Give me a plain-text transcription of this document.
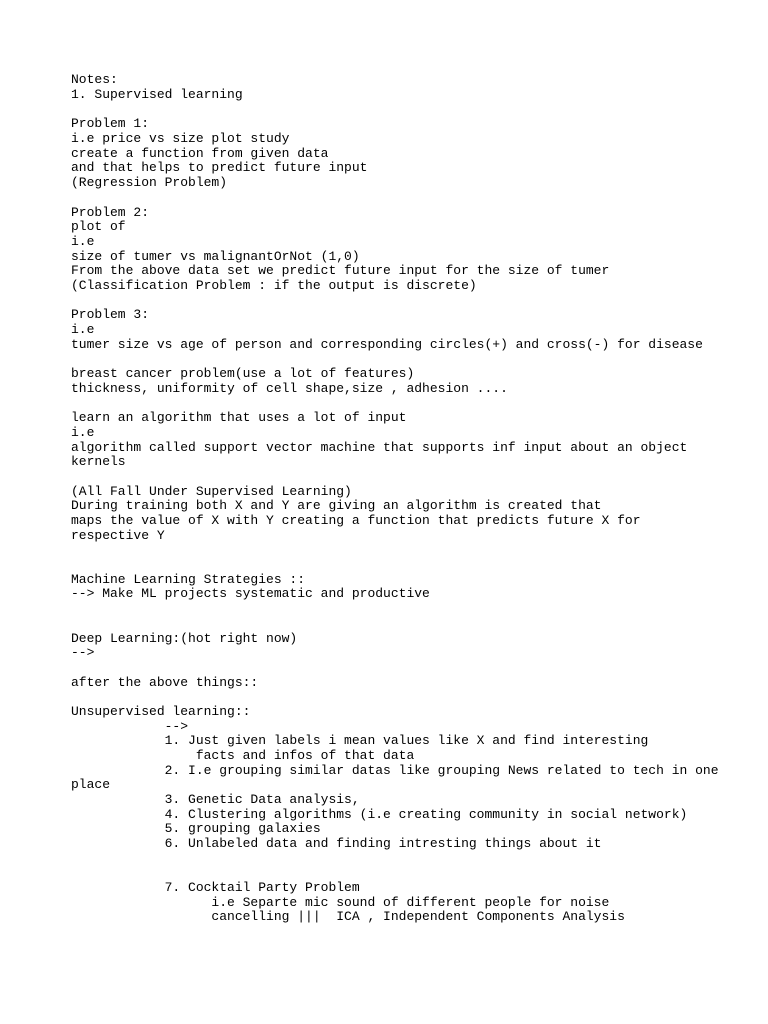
Notes:

1. Supervised learning

Problem 1:

i.e price vs size plot study

create a function from given data

and that helps to predict future input

(Regression Problem)

Problem 2:

plot of

i.e

size of tumer vs malignantOrNot (1,0)

From the above data set we predict future input for the size of tumer

(Classification Problem : if the output is discrete)

Problem 3:

i.e

tumer size vs age of person and corresponding circles(+) and cross(-) for disease

breast cancer problem(use a lot of features)

thickness, uniformity of cell shape,size , adhesion ....

learn an algorithm that uses a lot of input

i.e

algorithm called support vector machine that supports inf input about an object

kernels

(All Fall Under Supervised Learning)

During training both X and Y are giving an algorithm is created that

maps the value of X with Y creating a function that predicts future X for

respective Y

Machine Learning Strategies ::

--> Make ML projects systematic and productive

Deep Learning:(hot right now)

-->

after the above things::

Unsupervised learning::

-->

1. Just given labels i mean values like X and find interesting

facts and infos of that data

2. I.e grouping similar datas like grouping News related to tech in one

place

3. Genetic Data analysis,

4. Clustering algorithms (i.e creating community in social network)

5. grouping galaxies

6. Unlabeled data and finding intresting things about it

7. Cocktail Party Problem

i.e Separte mic sound of different people for noise

cancelling |||  ICA , Independent Components Analysis
